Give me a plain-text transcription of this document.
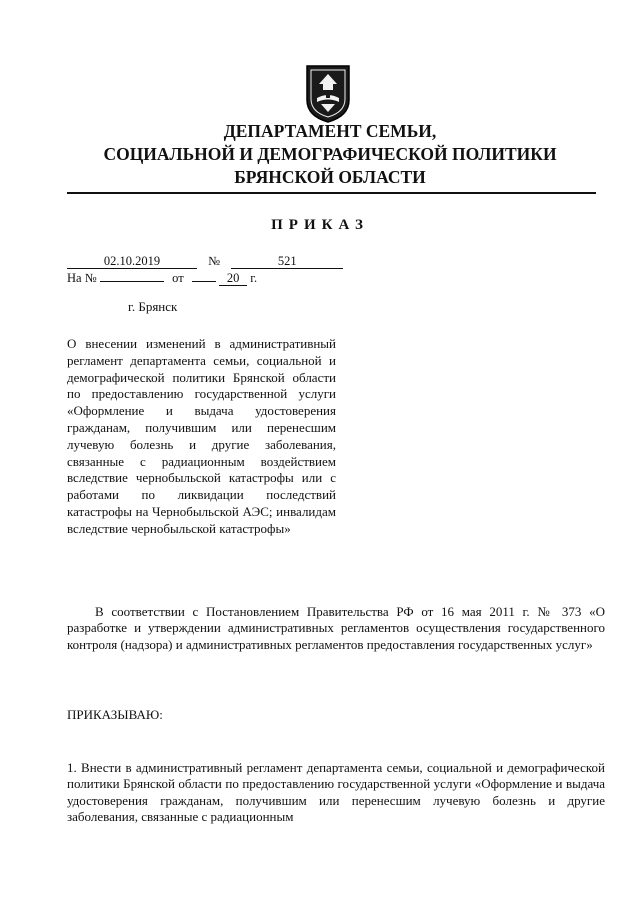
ДЕПАРТАМЕНТ СЕМЬИ,
СОЦИАЛЬНОЙ И ДЕМОГРАФИЧЕСКОЙ ПОЛИТИКИ
БРЯНСКОЙ ОБЛАСТИ
ПРИКАЗ
02.10.2019	№	521
На №	от	20 г.
г. Брянск
О внесении изменений в административный регламент департамента семьи, социальной и демографической политики Брянской области по предоставлению государственной услуги «Оформление и выдача удостоверения гражданам, получившим или перенесшим лучевую болезнь и другие заболевания, связанные с радиационным воздействием вследствие чернобыльской катастрофы или с работами по ликвидации последствий катастрофы на Чернобыльской АЭС; инвалидам вследствие чернобыльской катастрофы»
В соответствии с Постановлением Правительства РФ от 16 мая 2011 г. № 373 «О разработке и утверждении административных регламентов осуществления государственного контроля (надзора) и административных регламентов предоставления государственных услуг»
ПРИКАЗЫВАЮ:
1. Внести в административный регламент департамента семьи, социальной и демографической политики Брянской области по предоставлению государственной услуги «Оформление и выдача удостоверения гражданам, получившим или перенесшим лучевую болезнь и другие заболевания, связанные с радиационным
